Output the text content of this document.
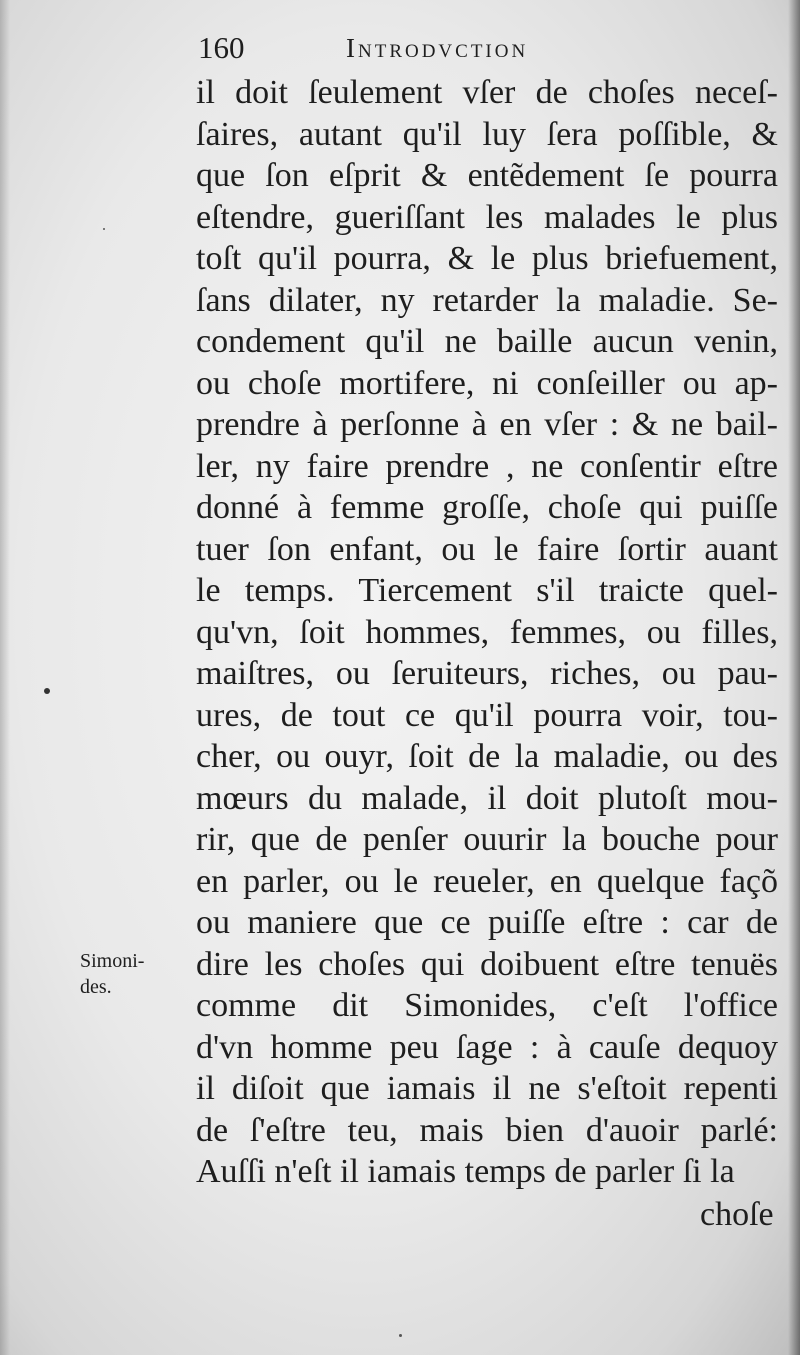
160	Introdvction
il doit ſeulement vſer de choſes neceſ-
ſaires, autant qu'il luy ſera poſſible, &
que ſon eſprit & entẽdement ſe pourra
eſtendre, gueriſſant les malades le plus
toſt qu'il pourra, & le plus briefuement,
ſans dilater, ny retarder la maladie. Se-
condement qu'il ne baille aucun venin,
ou choſe mortifere, ni conſeiller ou ap-
prendre à perſonne à en vſer : & ne bail-
ler, ny faire prendre , ne conſentir eſtre
donné à femme groſſe, choſe qui puiſſe
tuer ſon enfant, ou le faire ſortir auant
le temps. Tiercement s'il traicte quel-
qu'vn, ſoit hommes, femmes, ou filles,
maiſtres, ou ſeruiteurs, riches, ou pau-
ures, de tout ce qu'il pourra voir, tou-
cher, ou ouyr, ſoit de la maladie, ou des
mœurs du malade, il doit plutoſt mou-
rir, que de penſer ouurir la bouche pour
en parler, ou le reueler, en quelque façõ
ou maniere que ce puiſſe eſtre : car de
dire les choſes qui doibuent eſtre tenuës
comme dit Simonides, c'eſt l'office
d'vn homme peu ſage : à cauſe dequoy
il diſoit que iamais il ne s'eſtoit repenti
de ſ'eſtre teu, mais bien d'auoir parlé:
Auſſi n'eſt il iamais temps de parler ſi la
choſe
Simoni-
des.
